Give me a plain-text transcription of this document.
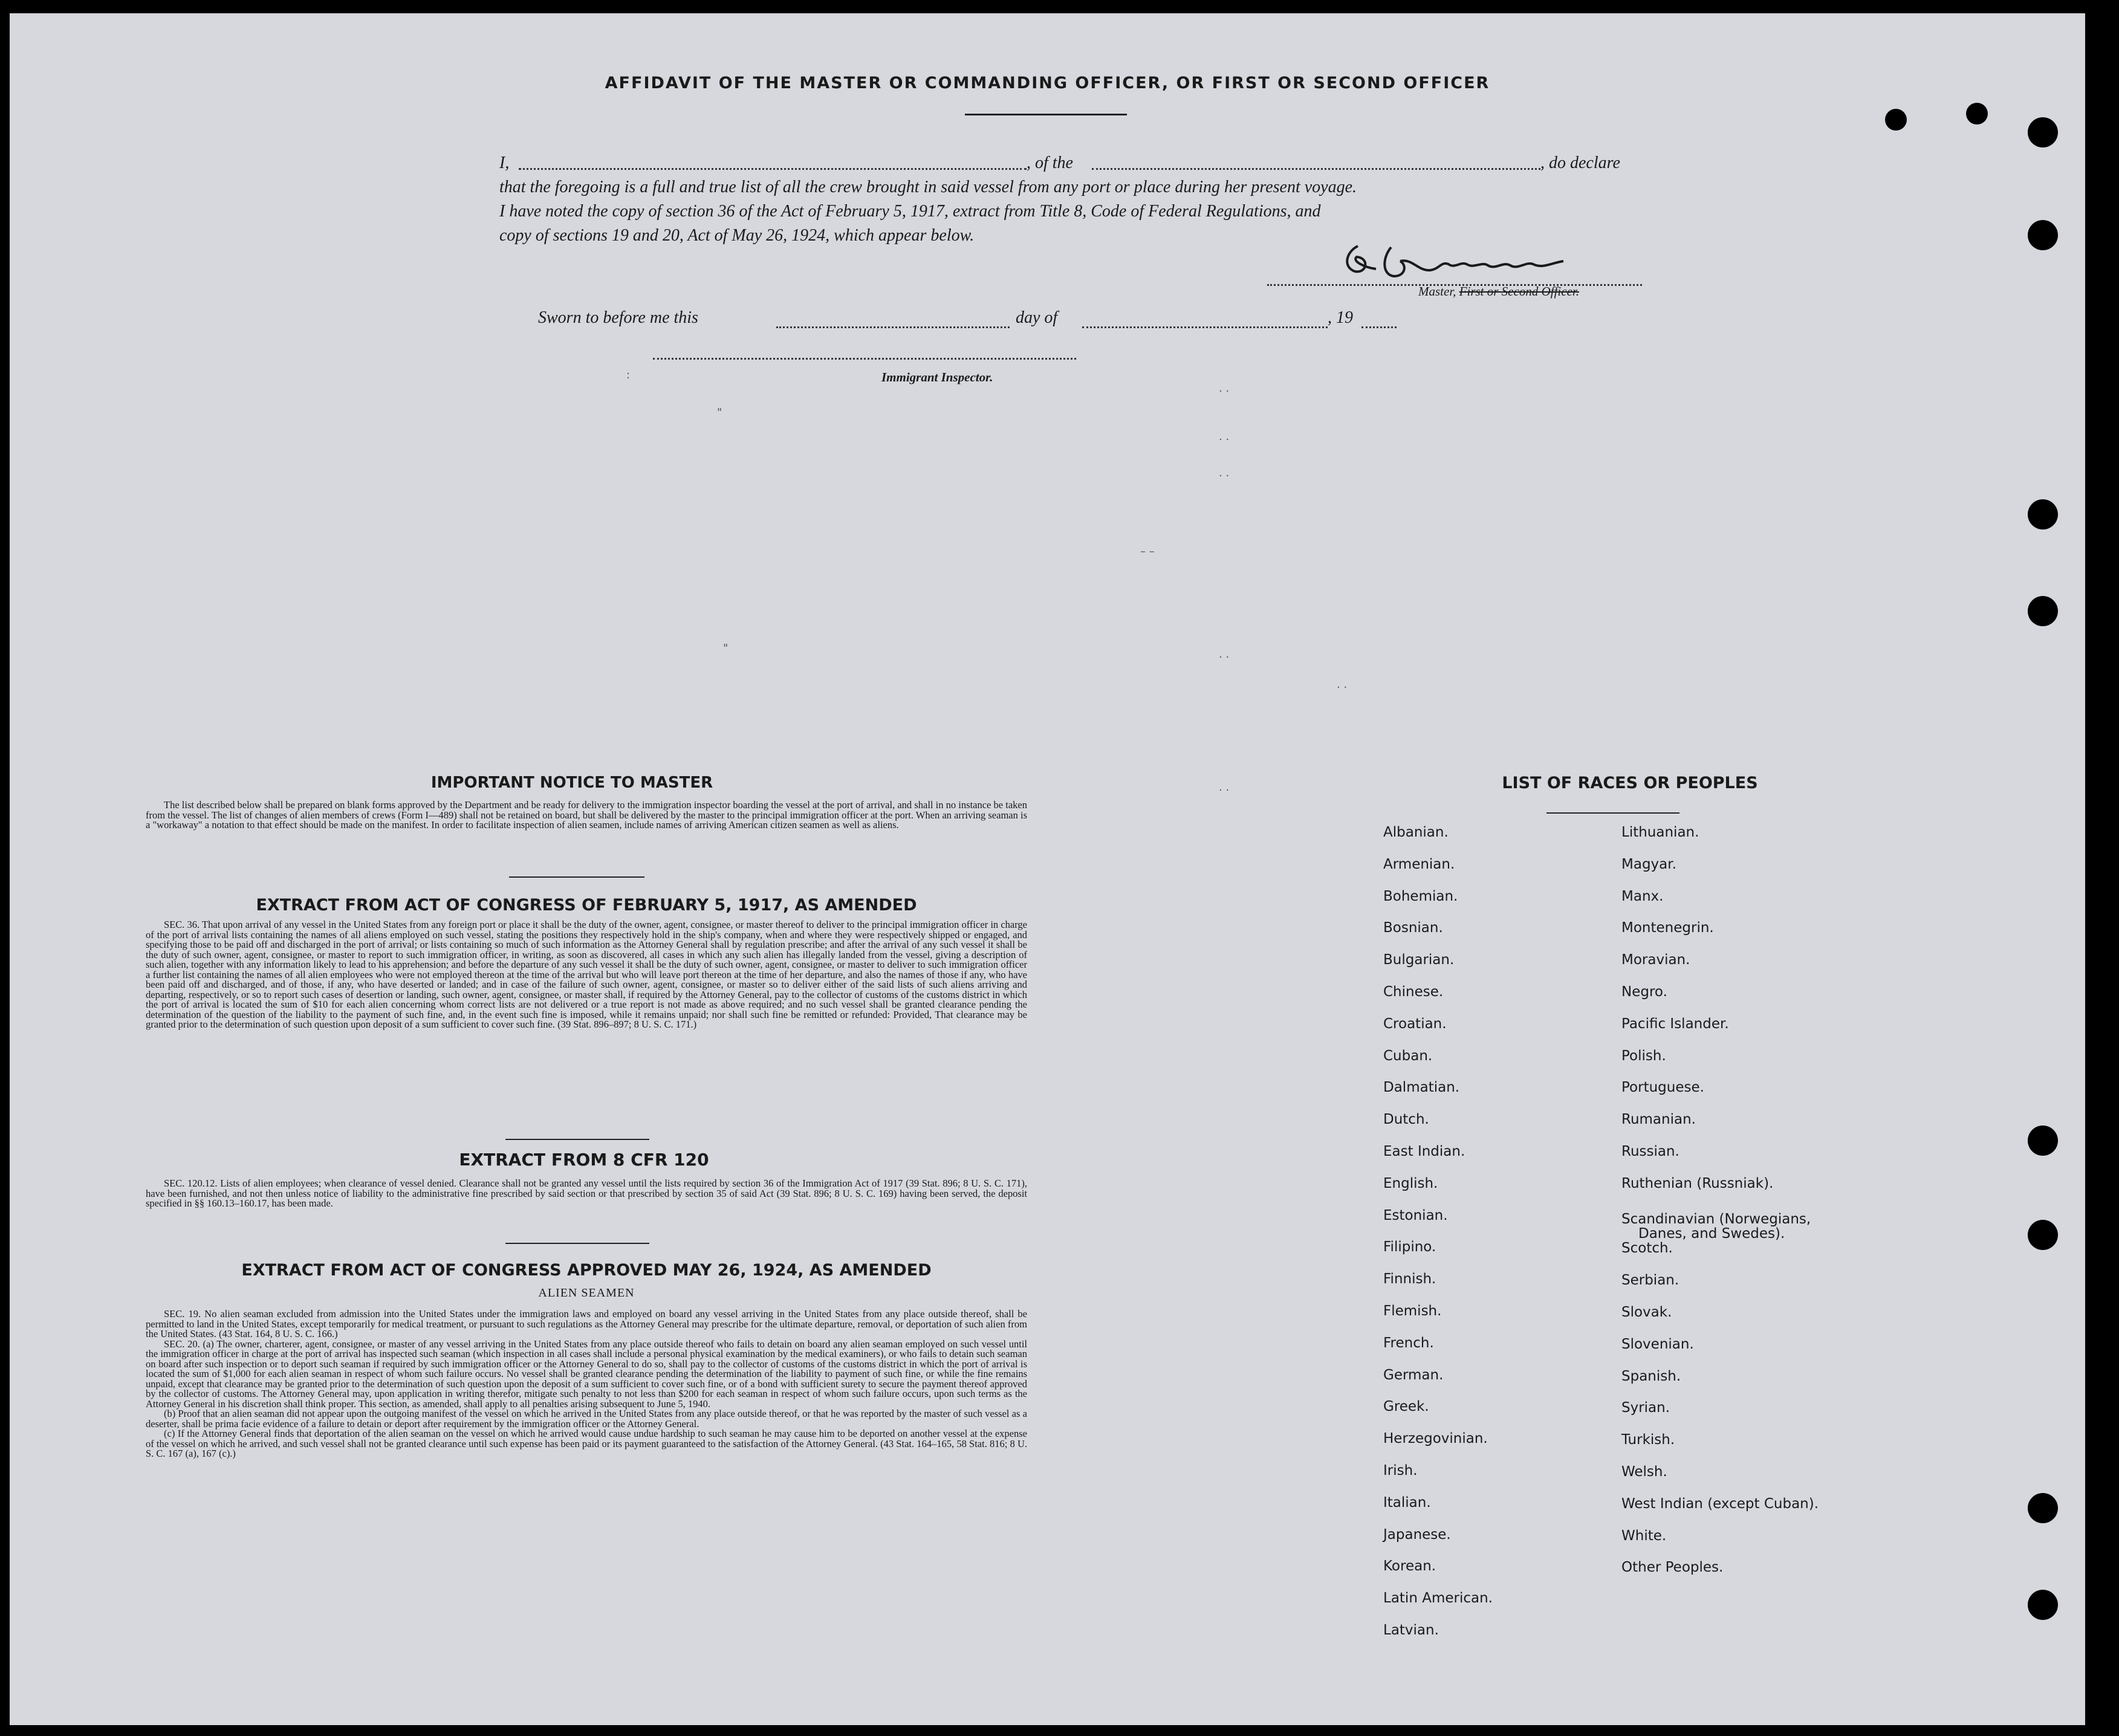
AFFIDAVIT OF THE MASTER OR COMMANDING OFFICER, OR FIRST OR SECOND OFFICER
I,	, of the	, do declare
that the foregoing is a full and true list of all the crew brought in said vessel from any port or place during her present voyage.
I have noted the copy of section 36 of the Act of February 5, 1917, extract from Title 8, Code of Federal Regulations, and
copy of sections 19 and 20, Act of May 26, 1924, which appear below.
Master, First or Second Officer.
Sworn to before me this	day of	, 19
Immigrant Inspector.
:
"
. .
. .
. .
– –
"	. .
. .
. .
IMPORTANT NOTICE TO MASTER

The list described below shall be prepared on blank forms approved by the Department and be ready for delivery to the immigration inspector boarding the vessel at the port of arrival, and shall in no instance be taken from the vessel. The list of changes of alien members of crews (Form I—489) shall not be retained on board, but shall be delivered by the master to the principal immigration officer at the port. When an arriving seaman is a "workaway" a notation to that effect should be made on the manifest. In order to facilitate inspection of alien seamen, include names of arriving American citizen seamen as well as aliens.

EXTRACT FROM ACT OF CONGRESS OF FEBRUARY 5, 1917, AS AMENDED

SEC. 36. That upon arrival of any vessel in the United States from any foreign port or place it shall be the duty of the owner, agent, consignee, or master thereof to deliver to the principal immigration officer in charge of the port of arrival lists containing the names of all aliens employed on such vessel, stating the positions they respectively hold in the ship's company, when and where they were respectively shipped or engaged, and specifying those to be paid off and discharged in the port of arrival; or lists containing so much of such information as the Attorney General shall by regulation prescribe; and after the arrival of any such vessel it shall be the duty of such owner, agent, consignee, or master to report to such immigration officer, in writing, as soon as discovered, all cases in which any such alien has illegally landed from the vessel, giving a description of such alien, together with any information likely to lead to his apprehension; and before the departure of any such vessel it shall be the duty of such owner, agent, consignee, or master to deliver to such immigration officer a further list containing the names of all alien employees who were not employed thereon at the time of the arrival but who will leave port thereon at the time of her departure, and also the names of those if any, who have been paid off and discharged, and of those, if any, who have deserted or landed; and in case of the failure of such owner, agent, consignee, or master so to deliver either of the said lists of such aliens arriving and departing, respectively, or so to report such cases of desertion or landing, such owner, agent, consignee, or master shall, if required by the Attorney General, pay to the collector of customs of the customs district in which the port of arrival is located the sum of $10 for each alien concerning whom correct lists are not delivered or a true report is not made as above required; and no such vessel shall be granted clearance pending the determination of the question of the liability to the payment of such fine, and, in the event such fine is imposed, while it remains unpaid; nor shall such fine be remitted or refunded: Provided, That clearance may be granted prior to the determination of such question upon deposit of a sum sufficient to cover such fine. (39 Stat. 896–897; 8 U. S. C. 171.)

EXTRACT FROM 8 CFR 120

SEC. 120.12. Lists of alien employees; when clearance of vessel denied. Clearance shall not be granted any vessel until the lists required by section 36 of the Immigration Act of 1917 (39 Stat. 896; 8 U. S. C. 171), have been furnished, and not then unless notice of liability to the administrative fine prescribed by said section or that prescribed by section 35 of said Act (39 Stat. 896; 8 U. S. C. 169) having been served, the deposit specified in §§ 160.13–160.17, has been made.

EXTRACT FROM ACT OF CONGRESS APPROVED MAY 26, 1924, AS AMENDED
ALIEN SEAMEN

SEC. 19. No alien seaman excluded from admission into the United States under the immigration laws and employed on board any vessel arriving in the United States from any place outside thereof, shall be permitted to land in the United States, except temporarily for medical treatment, or pursuant to such regulations as the Attorney General may prescribe for the ultimate departure, removal, or deportation of such alien from the United States. (43 Stat. 164, 8 U. S. C. 166.)

SEC. 20. (a) The owner, charterer, agent, consignee, or master of any vessel arriving in the United States from any place outside thereof who fails to detain on board any alien seaman employed on such vessel until the immigration officer in charge at the port of arrival has inspected such seaman (which inspection in all cases shall include a personal physical examination by the medical examiners), or who fails to detain such seaman on board after such inspection or to deport such seaman if required by such immigration officer or the Attorney General to do so, shall pay to the collector of customs of the customs district in which the port of arrival is located the sum of $1,000 for each alien seaman in respect of whom such failure occurs. No vessel shall be granted clearance pending the determination of the liability to payment of such fine, or while the fine remains unpaid, except that clearance may be granted prior to the determination of such question upon the deposit of a sum sufficient to cover such fine, or of a bond with sufficient surety to secure the payment thereof approved by the collector of customs. The Attorney General may, upon application in writing therefor, mitigate such penalty to not less than $200 for each seaman in respect of whom such failure occurs, upon such terms as the Attorney General in his discretion shall think proper. This section, as amended, shall apply to all penalties arising subsequent to June 5, 1940.

(b) Proof that an alien seaman did not appear upon the outgoing manifest of the vessel on which he arrived in the United States from any place outside thereof, or that he was reported by the master of such vessel as a deserter, shall be prima facie evidence of a failure to detain or deport after requirement by the immigration officer or the Attorney General.

(c) If the Attorney General finds that deportation of the alien seaman on the vessel on which he arrived would cause undue hardship to such seaman he may cause him to be deported on another vessel at the expense of the vessel on which he arrived, and such vessel shall not be granted clearance until such expense has been paid or its payment guaranteed to the satisfaction of the Attorney General. (43 Stat. 164–165, 58 Stat. 816; 8 U. S. C. 167 (a), 167 (c).)

LIST OF RACES OR PEOPLES
Albanian.
Armenian.
Bohemian.
Bosnian.
Bulgarian.
Chinese.
Croatian.
Cuban.
Dalmatian.
Dutch.
East Indian.
English.
Estonian.
Filipino.
Finnish.
Flemish.
French.
German.
Greek.
Herzegovinian.
Irish.
Italian.
Japanese.
Korean.
Latin American.
Latvian.
Lithuanian.
Magyar.
Manx.
Montenegrin.
Moravian.
Negro.
Pacific Islander.
Polish.
Portuguese.
Rumanian.
Russian.
Ruthenian (Russniak).
Scandinavian (Norwegians,
Danes, and Swedes).
Scotch.
Serbian.
Slovak.
Slovenian.
Spanish.
Syrian.
Turkish.
Welsh.
West Indian (except Cuban).
White.
Other Peoples.
